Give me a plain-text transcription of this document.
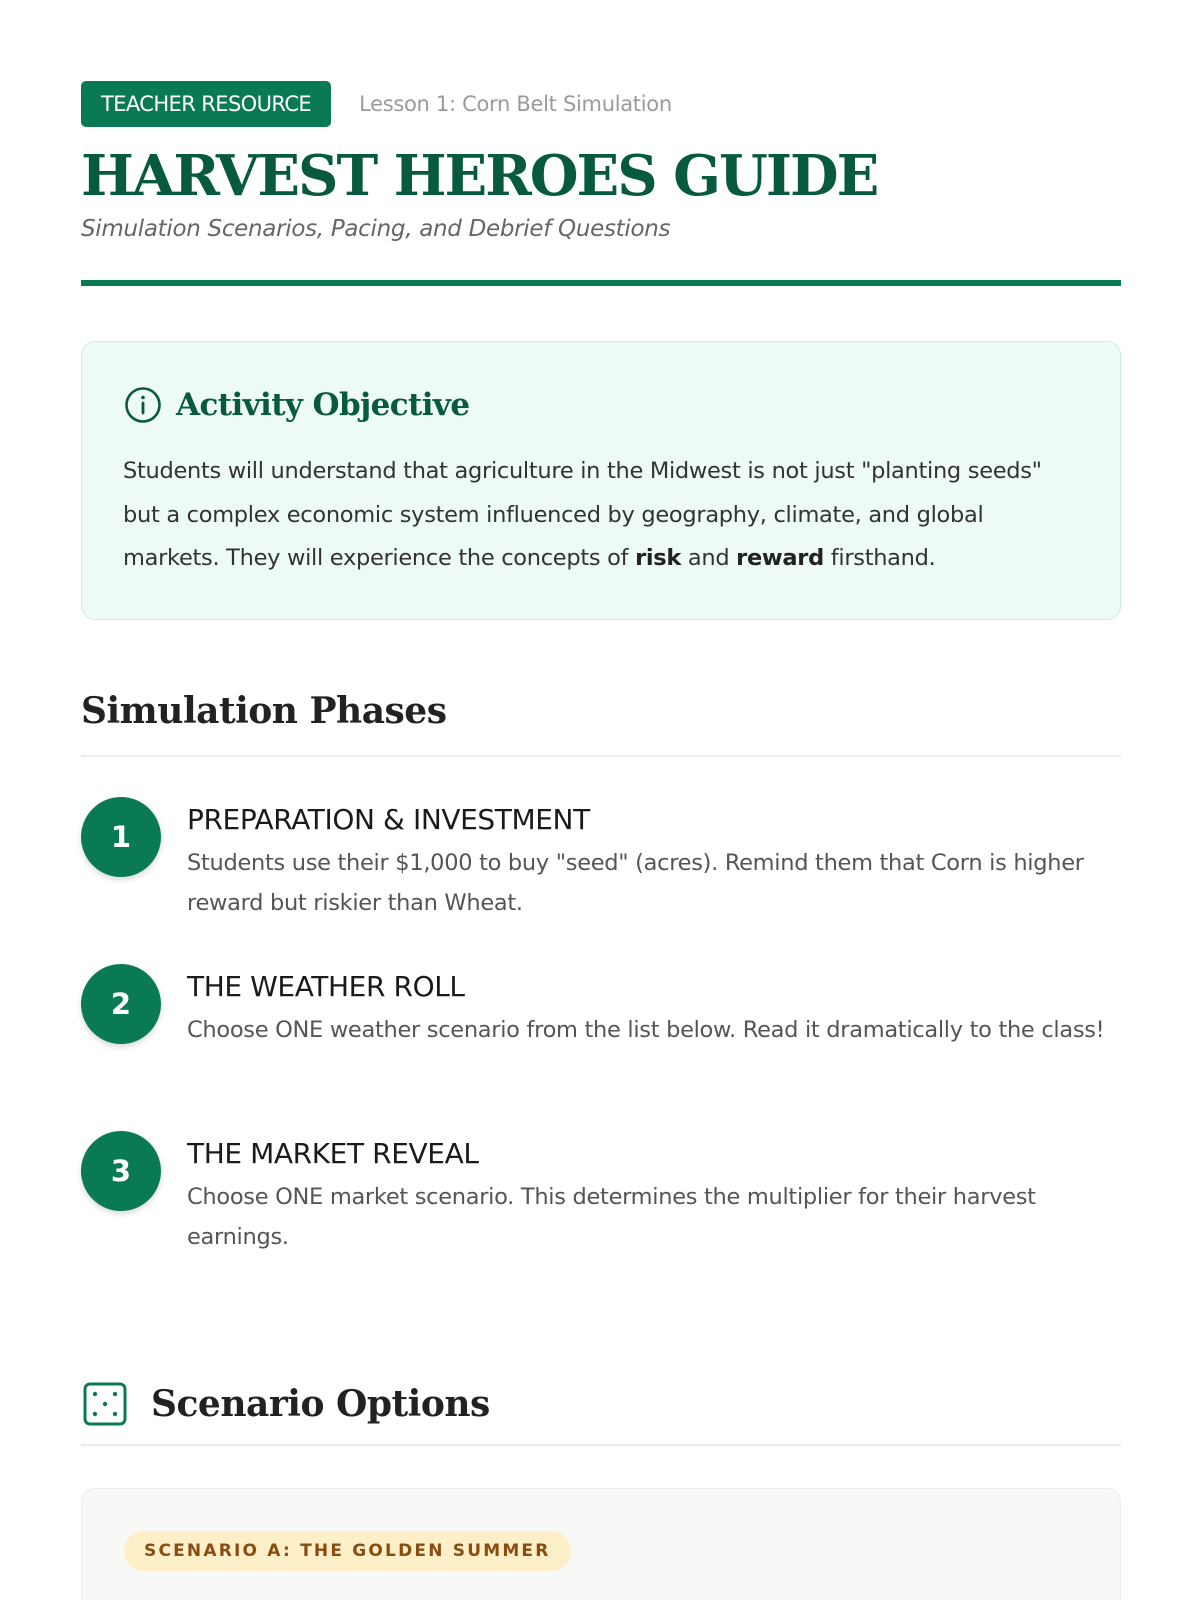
TEACHER RESOURCE	Lesson 1: Corn Belt Simulation
HARVEST HEROES GUIDE
Simulation Scenarios, Pacing, and Debrief Questions
Activity Objective

Students will understand that agriculture in the Midwest is not just "planting seeds" but a complex economic system influenced by geography, climate, and global markets. They will experience the concepts of risk and reward firsthand.

Simulation Phases
1
PREPARATION & INVESTMENT
Students use their $1,000 to buy "seed" (acres). Remind them that Corn is higher reward but riskier than Wheat.
2
THE WEATHER ROLL
Choose ONE weather scenario from the list below. Read it dramatically to the class!
3
THE MARKET REVEAL
Choose ONE market scenario. This determines the multiplier for their harvest earnings.
Scenario Options
SCENARIO A: THE GOLDEN SUMMER
